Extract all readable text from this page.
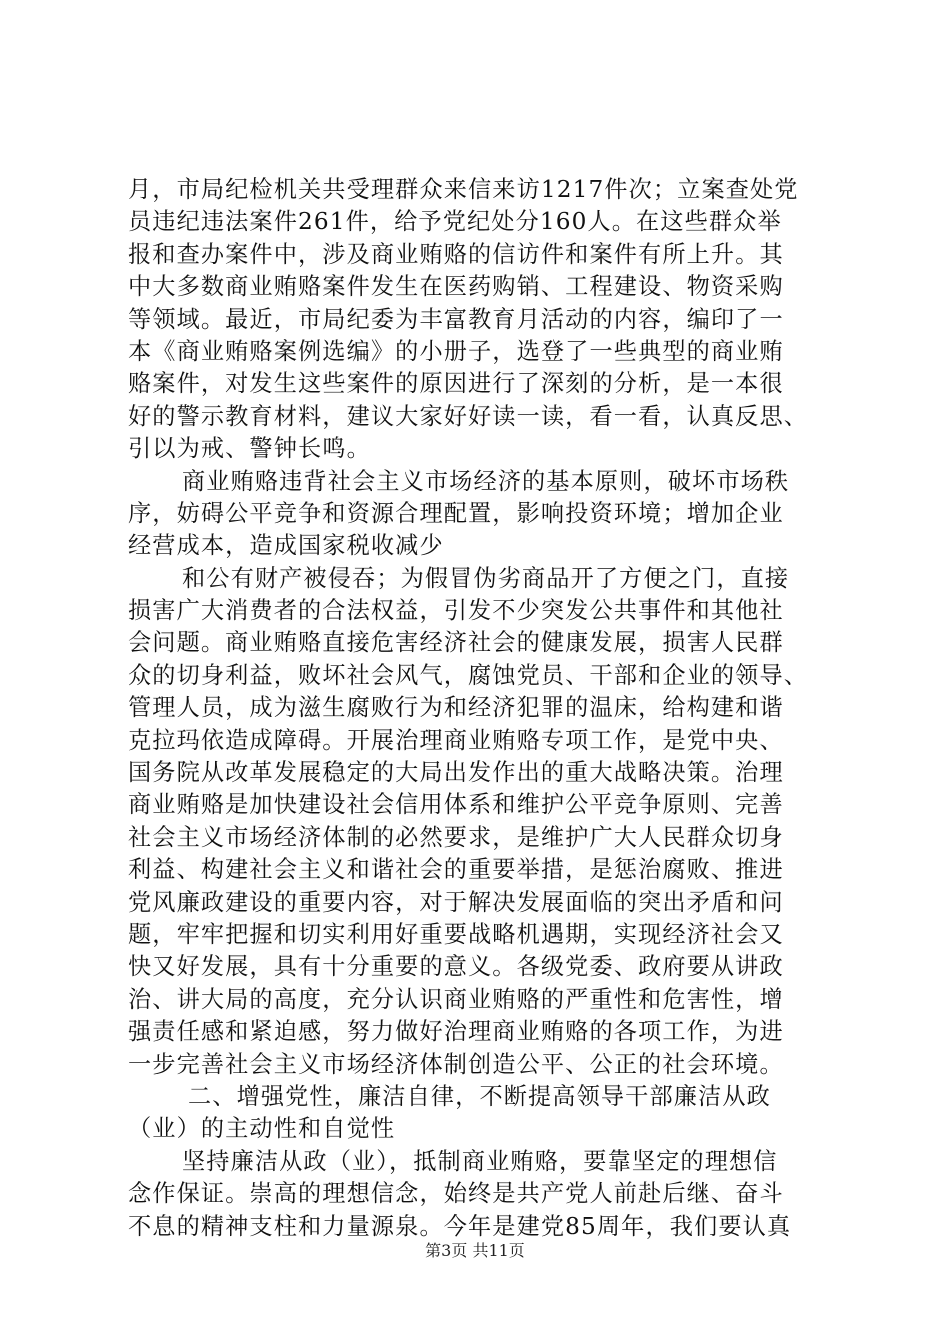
月，市局纪检机关共受理群众来信来访1217件次；立案查处党
员违纪违法案件261件，给予党纪处分160人。在这些群众举
报和查办案件中，涉及商业贿赂的信访件和案件有所上升。其
中大多数商业贿赂案件发生在医药购销、工程建设、物资采购
等领域。最近，市局纪委为丰富教育月活动的内容，编印了一
本《商业贿赂案例选编》的小册子，选登了一些典型的商业贿
赂案件，对发生这些案件的原因进行了深刻的分析，是一本很
好的警示教育材料，建议大家好好读一读，看一看，认真反思、
引以为戒、警钟长鸣。
商业贿赂违背社会主义市场经济的基本原则，破坏市场秩
序，妨碍公平竞争和资源合理配置，影响投资环境；增加企业
经营成本，造成国家税收减少
和公有财产被侵吞；为假冒伪劣商品开了方便之门，直接
损害广大消费者的合法权益，引发不少突发公共事件和其他社
会问题。商业贿赂直接危害经济社会的健康发展，损害人民群
众的切身利益，败坏社会风气，腐蚀党员、干部和企业的领导、
管理人员，成为滋生腐败行为和经济犯罪的温床，给构建和谐
克拉玛依造成障碍。开展治理商业贿赂专项工作，是党中央、
国务院从改革发展稳定的大局出发作出的重大战略决策。治理
商业贿赂是加快建设社会信用体系和维护公平竞争原则、完善
社会主义市场经济体制的必然要求，是维护广大人民群众切身
利益、构建社会主义和谐社会的重要举措，是惩治腐败、推进
党风廉政建设的重要内容，对于解决发展面临的突出矛盾和问
题，牢牢把握和切实利用好重要战略机遇期，实现经济社会又
快又好发展，具有十分重要的意义。各级党委、政府要从讲政
治、讲大局的高度，充分认识商业贿赂的严重性和危害性，增
强责任感和紧迫感，努力做好治理商业贿赂的各项工作，为进
一步完善社会主义市场经济体制创造公平、公正的社会环境。
二、增强党性，廉洁自律，不断提高领导干部廉洁从政
（业）的主动性和自觉性
坚持廉洁从政（业），抵制商业贿赂，要靠坚定的理想信
念作保证。崇高的理想信念，始终是共产党人前赴后继、奋斗
不息的精神支柱和力量源泉。今年是建党85周年，我们要认真
第3页 共11页
